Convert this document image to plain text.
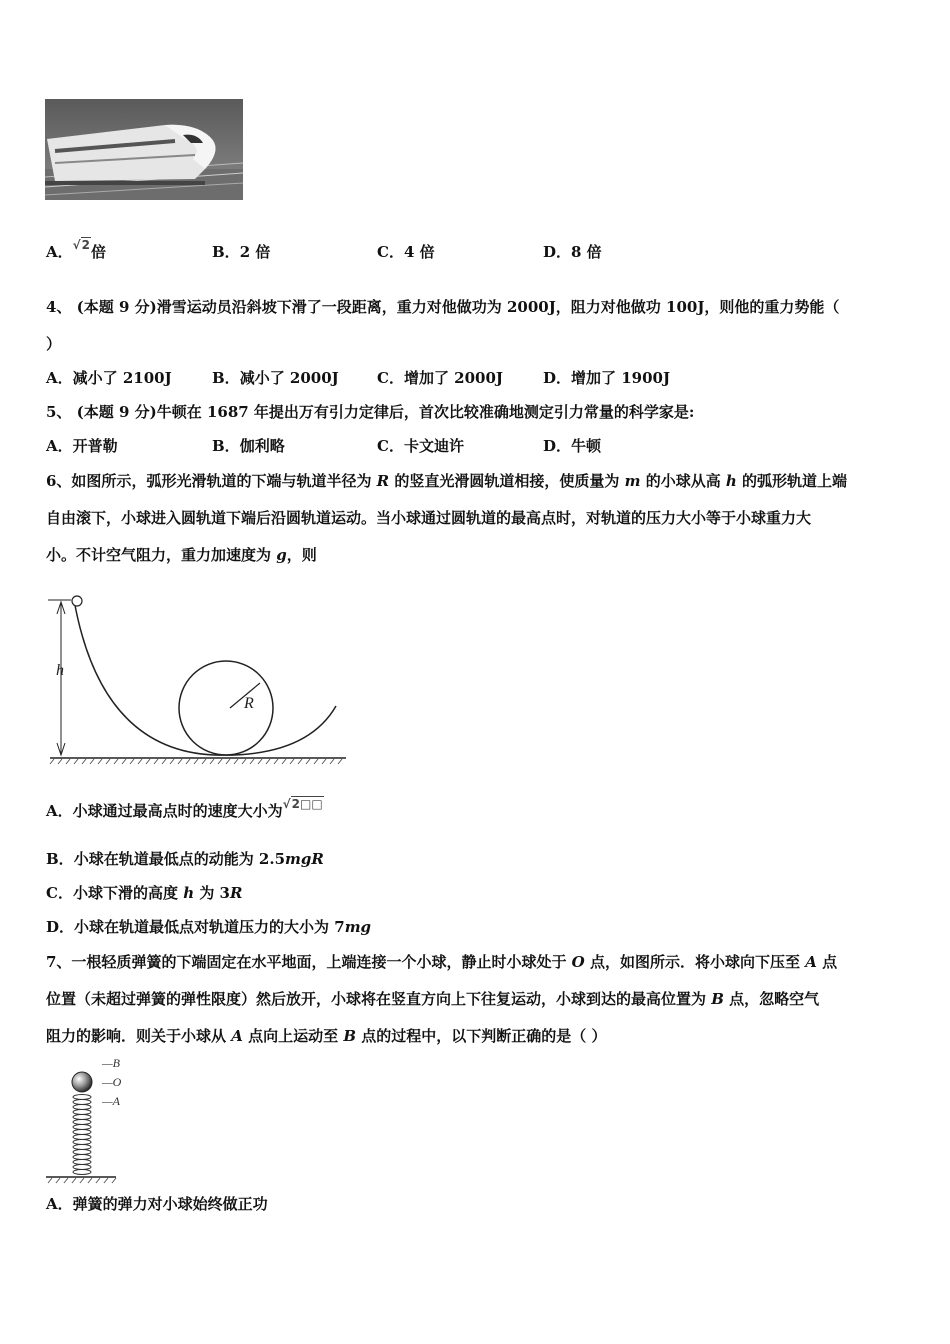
A．$^{√2}$倍	B．2 倍	C．4 倍	D．8 倍
4、 (本题 9 分)滑雪运动员沿斜坡下滑了一段距离，重力对他做功为 2000J，阻力对他做功 100J，则他的重力势能（
）
A．减小了 2100J	B．减小了 2000J	C．增加了 2000J	D．增加了 1900J
5、 (本题 9 分)牛顿在 1687 年提出万有引力定律后，首次比较准确地测定引力常量的科学家是:
A．开普勒	B．伽利略	C．卡文迪许	D．牛顿
6、如图所示，弧形光滑轨道的下端与轨道半径为 R 的竖直光滑圆轨道相接，使质量为 m 的小球从高 h 的弧形轨道上端
自由滚下，小球进入圆轨道下端后沿圆轨道运动。当小球通过圆轨道的最高点时，对轨道的压力大小等于小球重力大
小。不计空气阻力，重力加速度为 g，则
h
R
A．小球通过最高点时的速度大小为$^{√2□□}$
B．小球在轨道最低点的动能为 2.5mgR
C．小球下滑的高度 h 为 3R
D．小球在轨道最低点对轨道压力的大小为 7mg
7、一根轻质弹簧的下端固定在水平地面，上端连接一个小球，静止时小球处于 O 点，如图所示．将小球向下压至 A 点
位置（未超过弹簧的弹性限度）然后放开，小球将在竖直方向上下往复运动，小球到达的最高位置为 B 点，忽略空气
阻力的影响．则关于小球从 A 点向上运动至 B 点的过程中，以下判断正确的是（ ）
—B
—O
—A
A．弹簧的弹力对小球始终做正功
